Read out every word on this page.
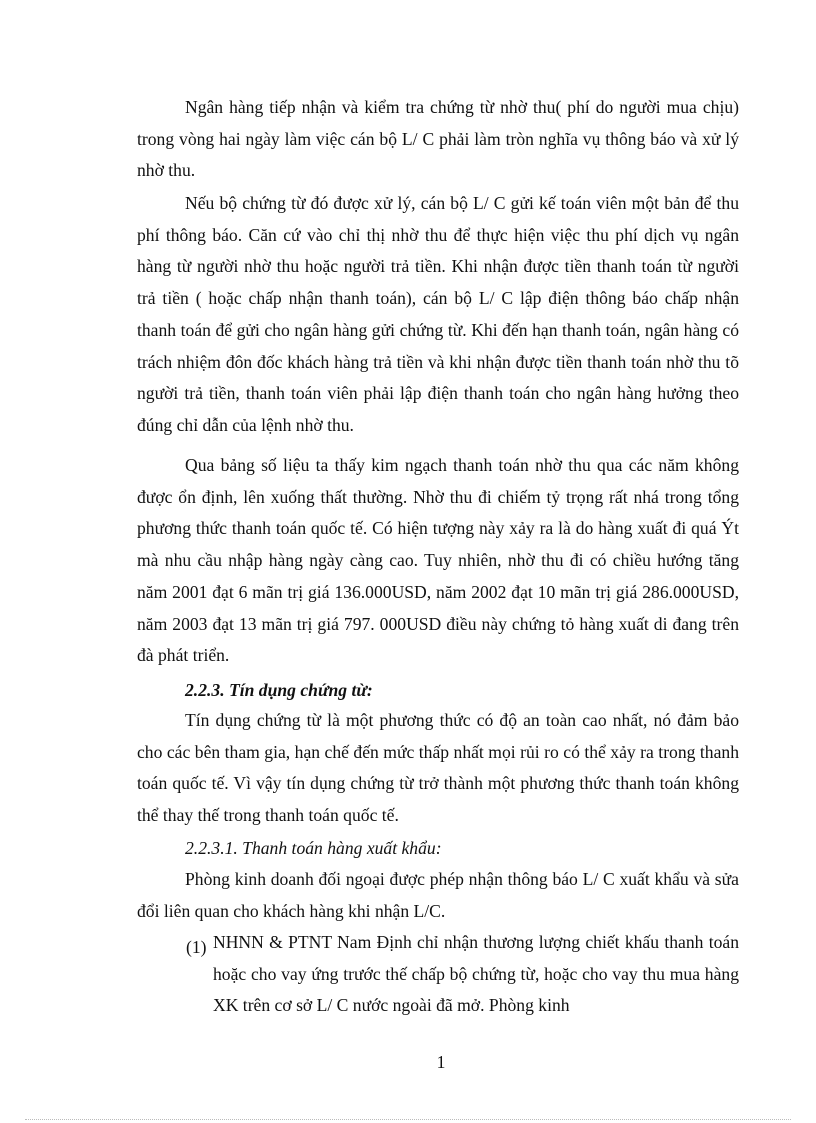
Ngân hàng tiếp nhận và kiểm tra chứng từ nhờ thu( phí do người mua chịu) trong vòng hai ngày làm việc cán bộ L/ C phải làm tròn nghĩa vụ thông báo và xử lý nhờ thu.

Nếu bộ chứng từ đó được xử lý, cán bộ L/ C gửi kế toán viên một bản để thu phí thông báo. Căn cứ vào chỉ thị nhờ thu để thực hiện việc thu phí dịch vụ ngân hàng từ người nhờ thu hoặc người trả tiền. Khi nhận được tiền thanh toán từ người trả tiền ( hoặc chấp nhận thanh toán), cán bộ L/ C lập điện thông báo chấp nhận thanh toán để gửi cho ngân hàng gửi chứng từ. Khi đến hạn thanh toán, ngân hàng có trách nhiệm đôn đốc khách hàng trả tiền và khi nhận được tiền thanh toán nhờ thu tõ người trả tiền, thanh toán viên phải lập điện thanh toán cho ngân hàng hưởng theo đúng chỉ dẫn của lệnh nhờ thu.

Qua bảng số liệu ta thấy kim ngạch thanh toán nhờ thu qua các năm không được ổn định, lên xuống thất thường. Nhờ thu đi chiếm tỷ trọng rất nhá trong tổng phương thức thanh toán quốc tế. Có hiện tượng này xảy ra là do hàng xuất đi quá Ýt mà nhu cầu nhập hàng ngày càng cao. Tuy nhiên, nhờ thu đi có chiều hướng tăng năm 2001 đạt 6 mãn trị giá 136.000USD, năm 2002 đạt 10 mãn trị giá 286.000USD, năm 2003 đạt 13 mãn trị giá 797. 000USD điều này chứng tỏ hàng xuất di đang trên đà phát triển.

2.2.3. Tín dụng chứng từ:

Tín dụng chứng từ là một phương thức có độ an toàn cao nhất, nó đảm bảo cho các bên tham gia, hạn chế đến mức thấp nhất mọi rủi ro có thể xảy ra trong thanh toán quốc tế. Vì vậy tín dụng chứng từ trở thành một phương thức thanh toán không thể thay thế trong thanh toán quốc tế.

2.2.3.1. Thanh toán hàng xuất khẩu:

Phòng kinh doanh đối ngoại được phép nhận thông báo L/ C xuất khẩu và sửa đổi liên quan cho khách hàng khi nhận L/C.

(1) NHNN & PTNT Nam Định chỉ nhận thương lượng chiết khấu thanh toán hoặc cho vay ứng trước thế chấp bộ chứng từ, hoặc cho vay thu mua hàng XK trên cơ sở L/ C nước ngoài đã mở. Phòng kinh

1
